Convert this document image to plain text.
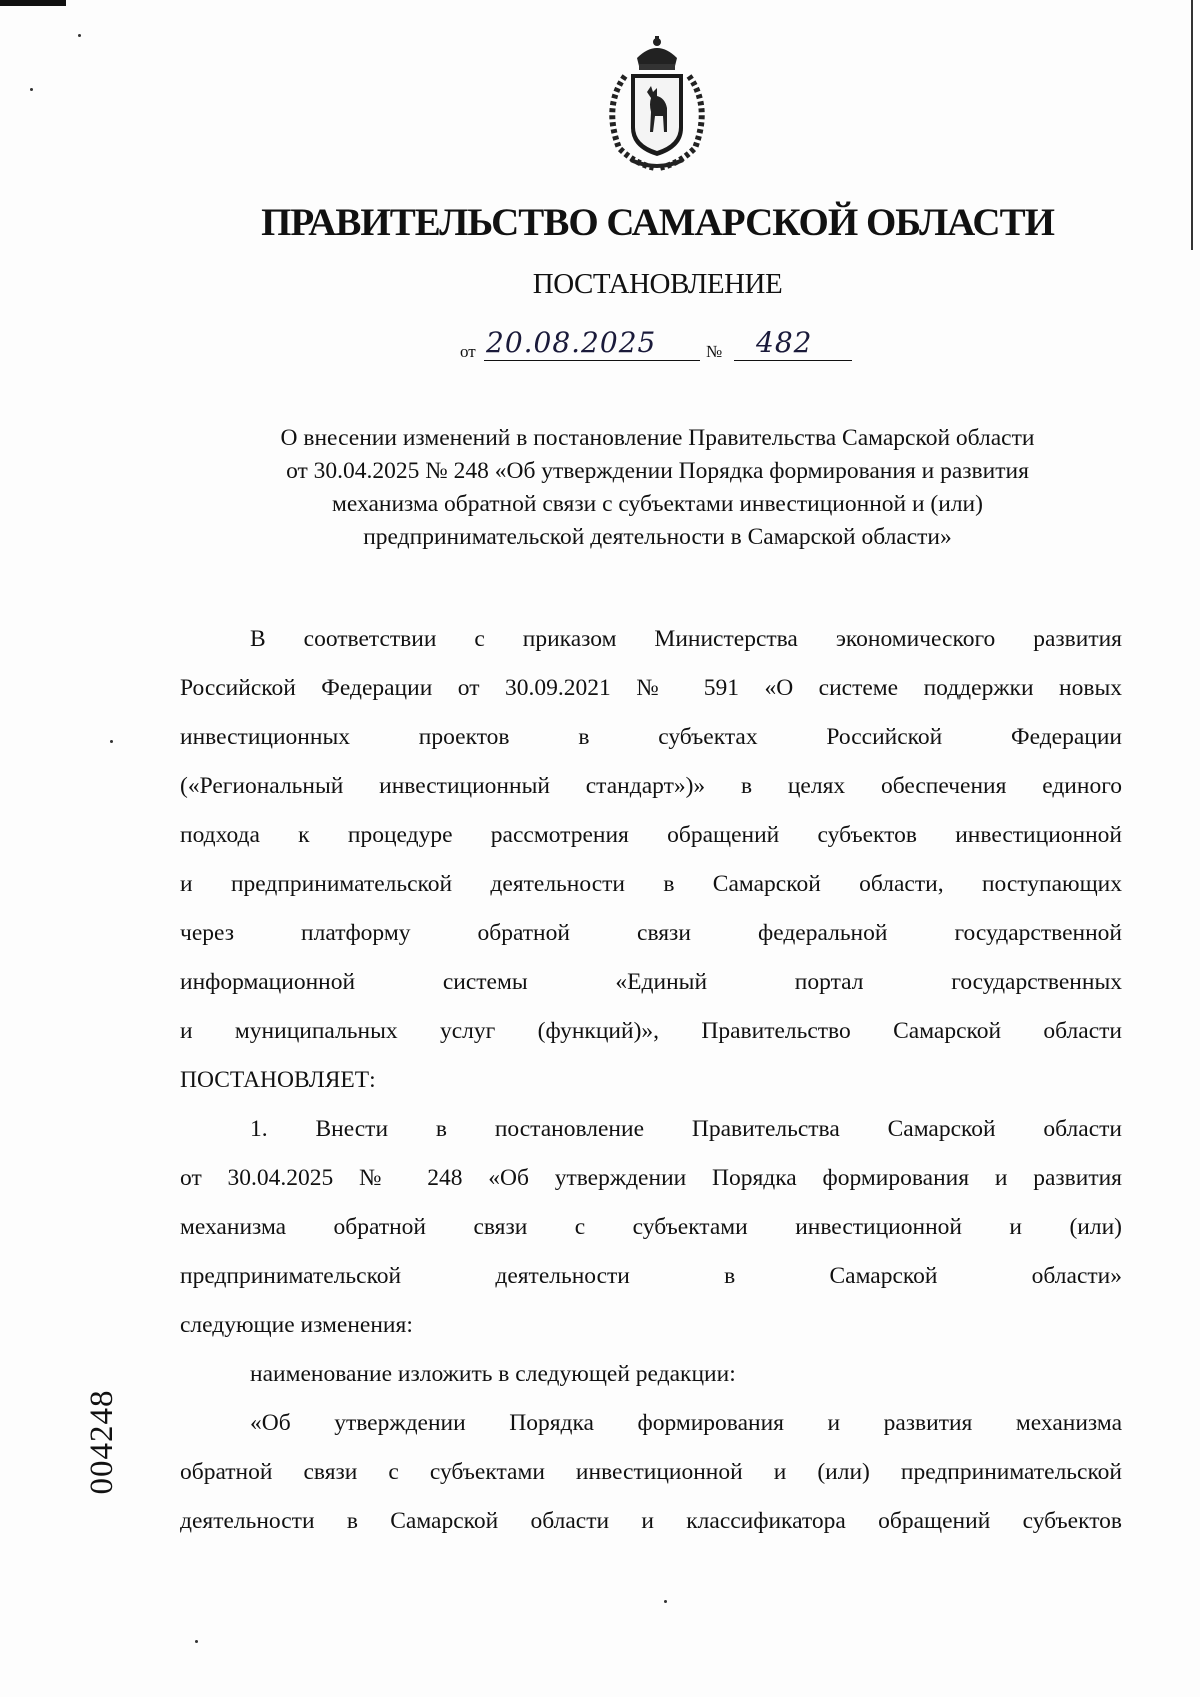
ПРАВИТЕЛЬСТВО САМАРСКОЙ ОБЛАСТИ
ПОСТАНОВЛЕНИЕ
от 20.08.2025	№ 482
О внесении изменений в постановление Правительства Самарской области
от 30.04.2025 № 248 «Об утверждении Порядка формирования и развития
механизма обратной связи с субъектами инвестиционной и (или)
предпринимательской деятельности в Самарской области»
В соответствии с приказом Министерства экономического развития
Российской Федерации от 30.09.2021 № 591 «О системе поддержки новых
инвестиционных проектов в субъектах Российской Федерации
(«Региональный инвестиционный стандарт»)» в целях обеспечения единого
подхода к процедуре рассмотрения обращений субъектов инвестиционной
и предпринимательской деятельности в Самарской области, поступающих
через платформу обратной связи федеральной государственной
информационной системы «Единый портал государственных
и муниципальных услуг (функций)», Правительство Самарской области
ПОСТАНОВЛЯЕТ:
1. Внести в постановление Правительства Самарской области
от 30.04.2025 № 248 «Об утверждении Порядка формирования и развития
механизма обратной связи с субъектами инвестиционной и (или)
предпринимательской деятельности в Самарской области»
следующие изменения:
наименование изложить в следующей редакции:
«Об утверждении Порядка формирования и развития механизма
обратной связи с субъектами инвестиционной и (или) предпринимательской
деятельности в Самарской области и классификатора обращений субъектов
004248
